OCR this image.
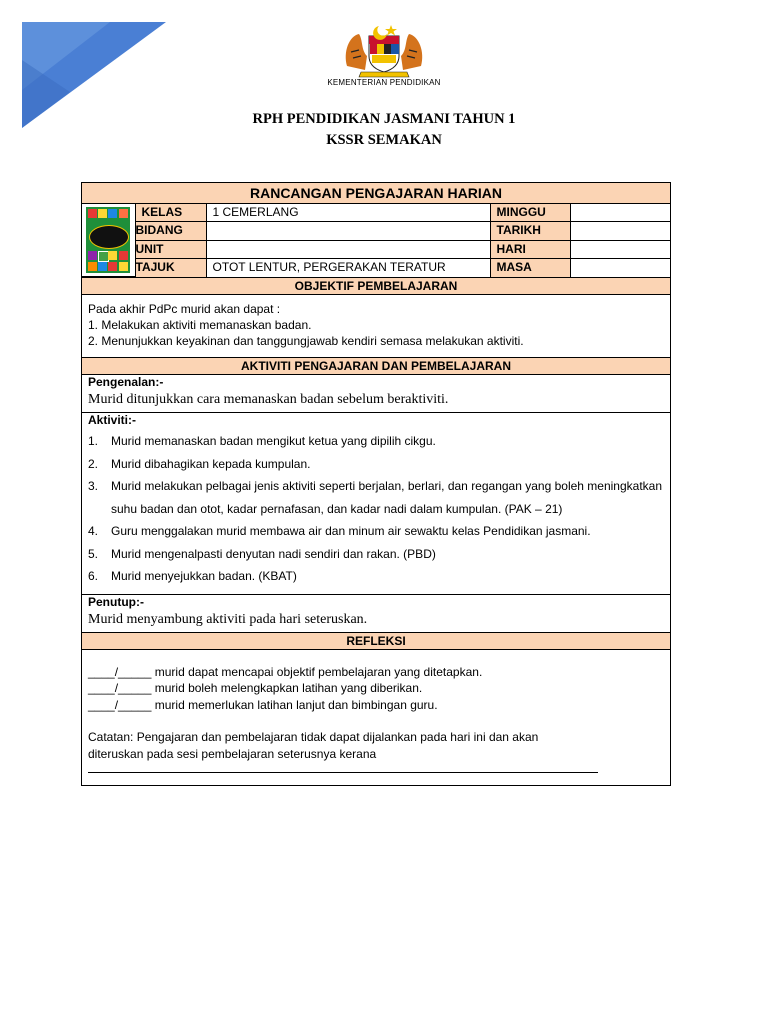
KEMENTERIAN PENDIDIKAN
RPH PENDIDIKAN JASMANI TAHUN 1
KSSR SEMAKAN
RANCANGAN PENGAJARAN HARIAN

	KELAS	1 CEMERLANG	MINGGU	
BIDANG		TARIKH	
UNIT		HARI	
TAJUK	OTOT LENTUR, PERGERAKAN TERATUR	MASA	

OBJEKTIF PEMBELAJARAN

Pada akhir PdPc murid akan dapat :
1. Melakukan aktiviti memanaskan badan.
2. Menunjukkan keyakinan dan tanggungjawab kendiri semasa melakukan aktiviti.

AKTIVITI PENGAJARAN DAN PEMBELAJARAN

Pengenalan:-
Murid ditunjukkan cara memanaskan badan sebelum beraktiviti.

Aktiviti:-
1.	Murid memanaskan badan mengikut ketua yang dipilih cikgu.
2.	Murid dibahagikan kepada kumpulan.
3.	Murid melakukan pelbagai jenis aktiviti seperti berjalan, berlari, dan regangan yang boleh meningkatkan suhu badan dan otot, kadar pernafasan, dan kadar nadi dalam kumpulan. (PAK – 21)
4.	Guru menggalakan murid membawa air dan minum air sewaktu kelas Pendidikan jasmani.
5.	Murid mengenalpasti denyutan nadi sendiri dan rakan. (PBD)
6.	Murid menyejukkan badan. (KBAT)

Penutup:-
Murid menyambung aktiviti pada hari seteruskan.

REFLEKSI

____/_____ murid dapat mencapai objektif pembelajaran yang ditetapkan.
____/_____ murid boleh melengkapkan latihan yang diberikan.
____/_____ murid memerlukan latihan lanjut dan bimbingan guru.
Catatan: Pengajaran dan pembelajaran tidak dapat dijalankan pada hari ini dan akan
diteruskan pada sesi pembelajaran seterusnya kerana
